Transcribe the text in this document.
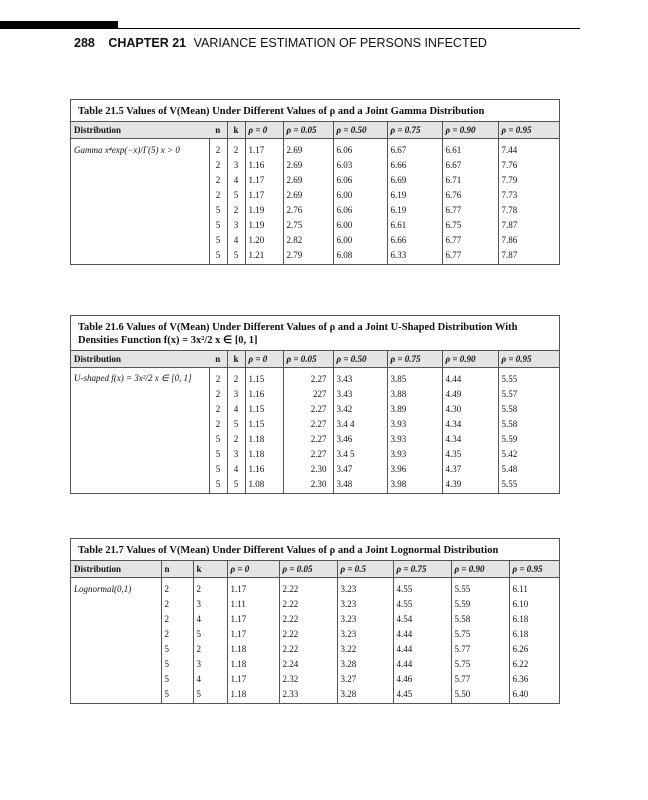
288 CHAPTER 21 VARIANCE ESTIMATION OF PERSONS INFECTED
Table 21.5 Values of V(Mean) Under Different Values of ρ and a Joint Gamma Distribution
Distribution	n	k	ρ = 0	ρ = 0.05	ρ = 0.50	ρ = 0.75	ρ = 0.90	ρ = 0.95
Gamma x⁴exp(−x)/Γ(5) x > 0	2	2	1.17	2.69	6.06	6.67	6.61	7.44
	2	3	1.16	2.69	6.03	6.66	6.67	7.76
	2	4	1.17	2.69	6.06	6.69	6.71	7.79
	2	5	1.17	2.69	6.00	6.19	6.76	7.73
	5	2	1.19	2.76	6.06	6.19	6.77	7.78
	5	3	1.19	2.75	6.00	6.61	6.75	7.87
	5	4	1.20	2.82	6.00	6.66	6.77	7.86
	5	5	1.21	2.79	6.08	6.33	6.77	7.87
Table 21.6 Values of V(Mean) Under Different Values of ρ and a Joint U-Shaped Distribution With Densities Function f(x) = 3x²/2 x ∈ [0, 1]
Distribution	n	k	ρ = 0	ρ = 0.05	ρ = 0.50	ρ = 0.75	ρ = 0.90	ρ = 0.95
U-shaped f(x) = 3x²/2 x ∈ [0, 1]	2	2	1.15	2.27	3.43	3.85	4.44	5.55
	2	3	1.16	227	3.43	3.88	4.49	5.57
	2	4	1.15	2.27	3.42	3.89	4.30	5.58
	2	5	1.15	2.27	3.4 4	3.93	4.34	5.58
	5	2	1.18	2.27	3.46	3.93	4.34	5.59
	5	3	1.18	2.27	3.4 5	3.93	4.35	5.42
	5	4	1.16	2.30	3.47	3.96	4.37	5.48
	5	5	1.08	2.30	3.48	3.98	4.39	5.55
Table 21.7 Values of V(Mean) Under Different Values of ρ and a Joint Lognormal Distribution
Distribution	n	k	ρ = 0	ρ = 0.05	ρ = 0.5	ρ = 0.75	ρ = 0.90	ρ = 0.95
Lognormal(0,1)	2	2	1.17	2.22	3.23	4.55	5.55	6.11
	2	3	1.11	2.22	3.23	4.55	5.59	6.10
	2	4	1.17	2.22	3.23	4.54	5.58	6.18
	2	5	1.17	2.22	3.23	4.44	5.75	6.18
	5	2	1.18	2.22	3.22	4.44	5.77	6.26
	5	3	1.18	2.24	3.28	4.44	5.75	6.22
	5	4	1.17	2.32	3.27	4.46	5.77	6.36
	5	5	1.18	2.33	3.28	4.45	5.50	6.40
